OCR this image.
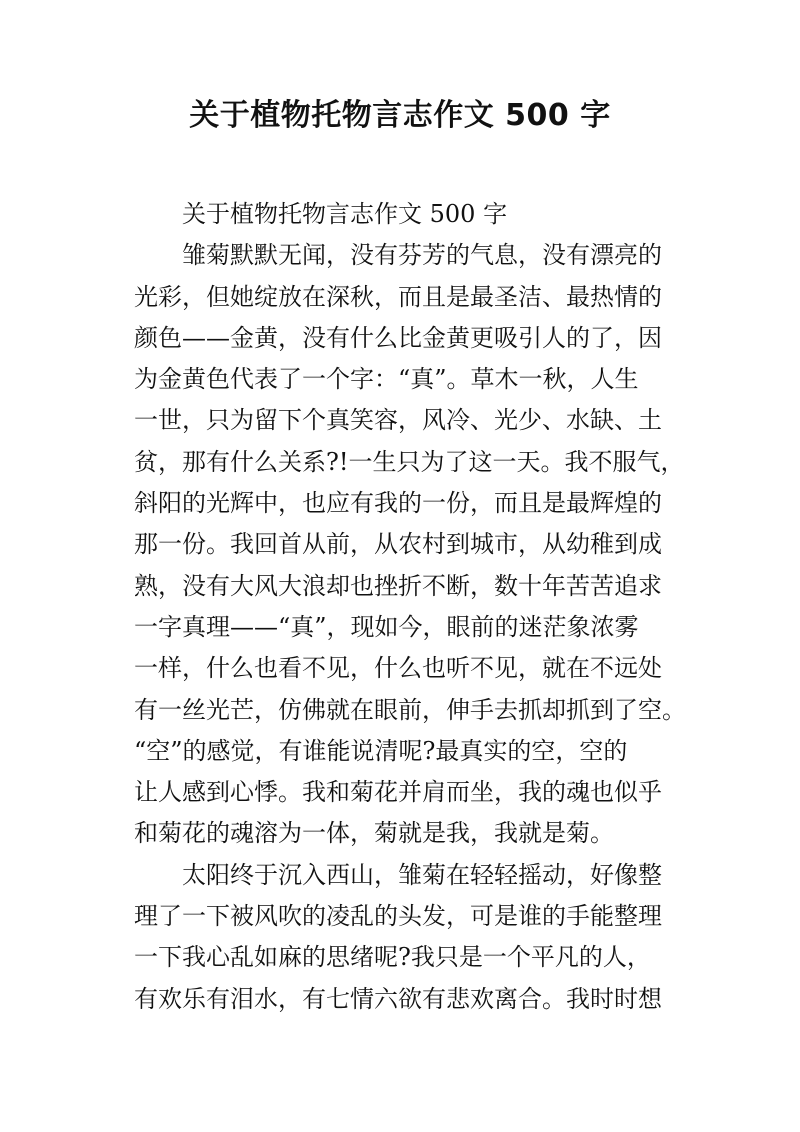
关于植物托物言志作文 500 字

关于植物托物言志作文 500 字

雏菊默默无闻，没有芬芳的气息，没有漂亮的
光彩，但她绽放在深秋，而且是最圣洁、最热情的
颜色——金黄，没有什么比金黄更吸引人的了，因
为金黄色代表了一个字：“真”。草木一秋，人生
一世，只为留下个真笑容，风冷、光少、水缺、土
贫，那有什么关系?!一生只为了这一天。我不服气，
斜阳的光辉中，也应有我的一份，而且是最辉煌的
那一份。我回首从前，从农村到城市，从幼稚到成
熟，没有大风大浪却也挫折不断，数十年苦苦追求
一字真理——“真”，现如今，眼前的迷茫象浓雾
一样，什么也看不见，什么也听不见，就在不远处
有一丝光芒，仿佛就在眼前，伸手去抓却抓到了空。
“空”的感觉，有谁能说清呢?最真实的空，空的
让人感到心悸。我和菊花并肩而坐，我的魂也似乎
和菊花的魂溶为一体，菊就是我，我就是菊。

太阳终于沉入西山，雏菊在轻轻摇动，好像整
理了一下被风吹的凌乱的头发，可是谁的手能整理
一下我心乱如麻的思绪呢?我只是一个平凡的人，
有欢乐有泪水，有七情六欲有悲欢离合。我时时想
